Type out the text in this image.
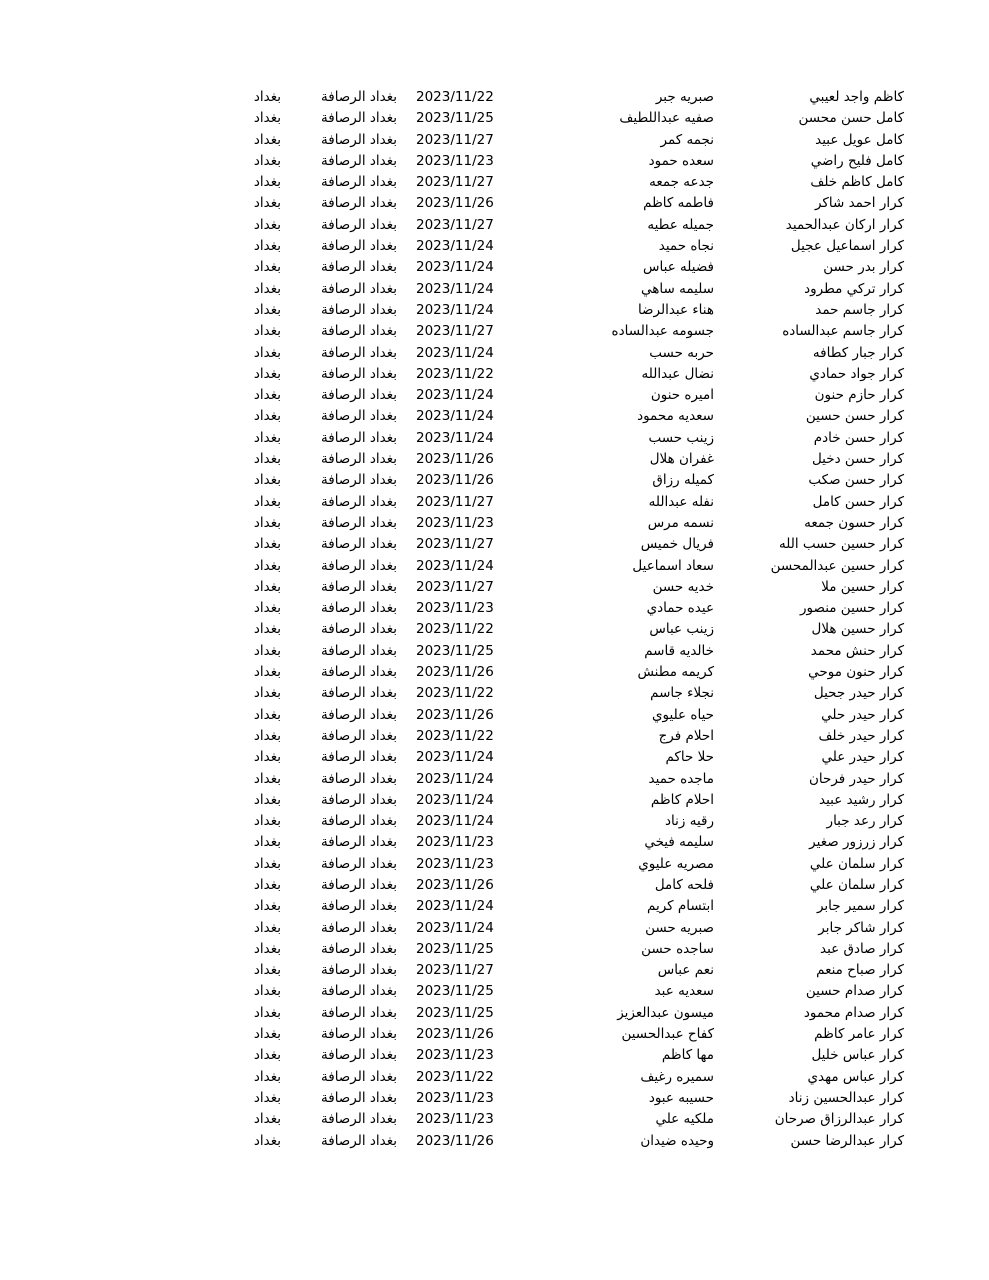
كاظم واجد لعيبي
صبريه جبر
2023/11/22
بغداد الرصافة
بغداد
كامل حسن محسن
صفيه عبداللطيف
2023/11/25
بغداد الرصافة
بغداد
كامل عويل عبيد
نجمه كمر
2023/11/27
بغداد الرصافة
بغداد
كامل فليح راضي
سعده حمود
2023/11/23
بغداد الرصافة
بغداد
كامل كاظم خلف
جدعه جمعه
2023/11/27
بغداد الرصافة
بغداد
كرار احمد شاكر
فاطمه كاظم
2023/11/26
بغداد الرصافة
بغداد
كرار اركان عبدالحميد
جميله عطيه
2023/11/27
بغداد الرصافة
بغداد
كرار اسماعيل عجيل
نجاه حميد
2023/11/24
بغداد الرصافة
بغداد
كرار بدر حسن
فضيله عباس
2023/11/24
بغداد الرصافة
بغداد
كرار تركي مطرود
سليمه ساهي
2023/11/24
بغداد الرصافة
بغداد
كرار جاسم حمد
هناء عبدالرضا
2023/11/24
بغداد الرصافة
بغداد
كرار جاسم عبدالساده
جسومه عبدالساده
2023/11/27
بغداد الرصافة
بغداد
كرار جبار كطافه
حربه حسب
2023/11/24
بغداد الرصافة
بغداد
كرار جواد حمادي
نضال عبدالله
2023/11/22
بغداد الرصافة
بغداد
كرار حازم حنون
اميره حنون
2023/11/24
بغداد الرصافة
بغداد
كرار حسن حسين
سعديه محمود
2023/11/24
بغداد الرصافة
بغداد
كرار حسن خادم
زينب حسب
2023/11/24
بغداد الرصافة
بغداد
كرار حسن دخيل
غفران هلال
2023/11/26
بغداد الرصافة
بغداد
كرار حسن صكب
كميله رزاق
2023/11/26
بغداد الرصافة
بغداد
كرار حسن كامل
نفله عبدالله
2023/11/27
بغداد الرصافة
بغداد
كرار حسون جمعه
نسمه مرس
2023/11/23
بغداد الرصافة
بغداد
كرار حسين حسب الله
فريال خميس
2023/11/27
بغداد الرصافة
بغداد
كرار حسين عبدالمحسن
سعاد اسماعيل
2023/11/24
بغداد الرصافة
بغداد
كرار حسين ملا
خديه حسن
2023/11/27
بغداد الرصافة
بغداد
كرار حسين منصور
عيده حمادي
2023/11/23
بغداد الرصافة
بغداد
كرار حسين هلال
زينب عباس
2023/11/22
بغداد الرصافة
بغداد
كرار حنش محمد
خالديه قاسم
2023/11/25
بغداد الرصافة
بغداد
كرار حنون موحي
كريمه مطنش
2023/11/26
بغداد الرصافة
بغداد
كرار حيدر جحيل
نجلاء جاسم
2023/11/22
بغداد الرصافة
بغداد
كرار حيدر حلي
حياه عليوي
2023/11/26
بغداد الرصافة
بغداد
كرار حيدر خلف
احلام فرج
2023/11/22
بغداد الرصافة
بغداد
كرار حيدر علي
حلا حاكم
2023/11/24
بغداد الرصافة
بغداد
كرار حيدر فرحان
ماجده حميد
2023/11/24
بغداد الرصافة
بغداد
كرار رشيد عبيد
احلام كاظم
2023/11/24
بغداد الرصافة
بغداد
كرار رعد جبار
رقيه زناد
2023/11/24
بغداد الرصافة
بغداد
كرار زرزور صغير
سليمه فيخي
2023/11/23
بغداد الرصافة
بغداد
كرار سلمان علي
مصريه عليوي
2023/11/23
بغداد الرصافة
بغداد
كرار سلمان علي
فلحه كامل
2023/11/26
بغداد الرصافة
بغداد
كرار سمير جابر
ابتسام كريم
2023/11/24
بغداد الرصافة
بغداد
كرار شاكر جابر
صبريه حسن
2023/11/24
بغداد الرصافة
بغداد
كرار صادق عبد
ساجده حسن
2023/11/25
بغداد الرصافة
بغداد
كرار صباح منعم
نعم عباس
2023/11/27
بغداد الرصافة
بغداد
كرار صدام حسين
سعديه عبد
2023/11/25
بغداد الرصافة
بغداد
كرار صدام محمود
ميسون عبدالعزيز
2023/11/25
بغداد الرصافة
بغداد
كرار عامر كاظم
كفاح عبدالحسين
2023/11/26
بغداد الرصافة
بغداد
كرار عباس خليل
مها كاظم
2023/11/23
بغداد الرصافة
بغداد
كرار عباس مهدي
سميره رغيف
2023/11/22
بغداد الرصافة
بغداد
كرار عبدالحسين زناد
حسيبه عبود
2023/11/23
بغداد الرصافة
بغداد
كرار عبدالرزاق صرحان
ملكيه علي
2023/11/23
بغداد الرصافة
بغداد
كرار عبدالرضا حسن
وحيده ضيدان
2023/11/26
بغداد الرصافة
بغداد
